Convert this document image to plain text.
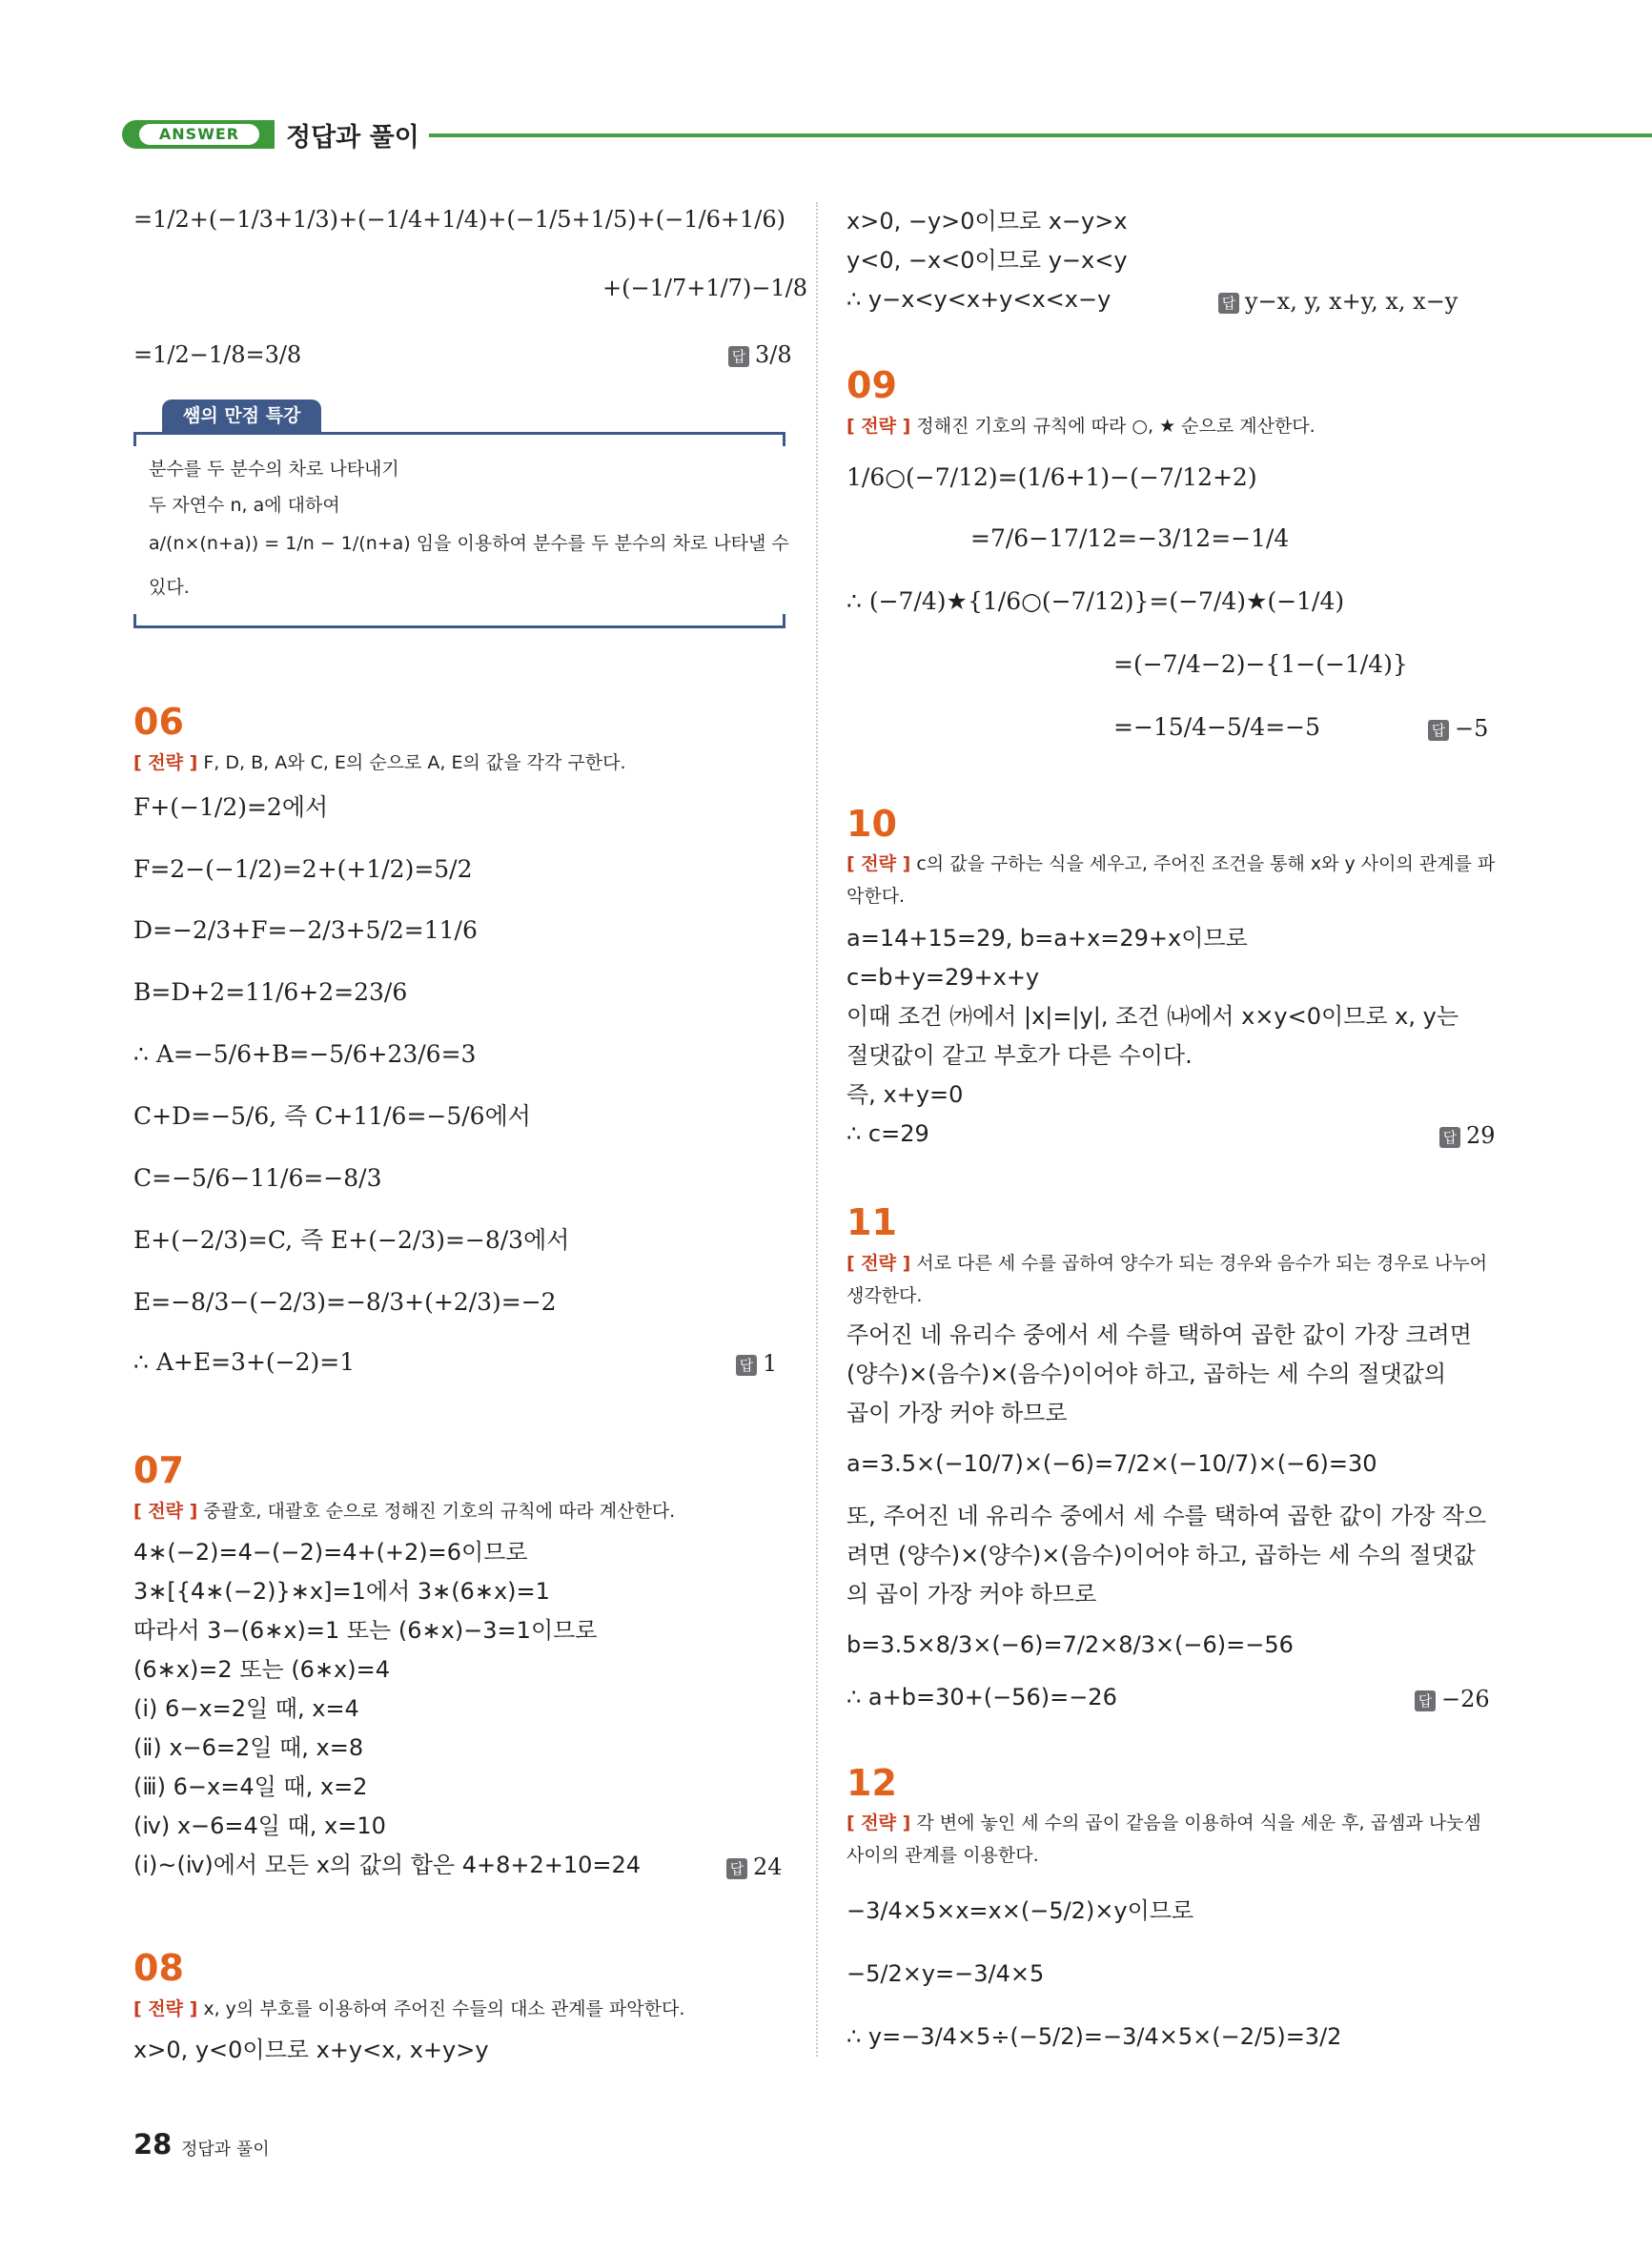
ANSWER	정답과 풀이
=1/2+(−1/3+1/3)+(−1/4+1/4)+(−1/5+1/5)+(−1/6+1/6)
+(−1/7+1/7)−1/8
=1/2−1/8=3/8	답 3/8
쌤의 만점 특강
분수를 두 분수의 차로 나타내기
두 자연수 n, a에 대하여
a/(n×(n+a)) = 1/n − 1/(n+a) 임을 이용하여 분수를 두 분수의 차로 나타낼 수
있다.
06
[ 전략 ] F, D, B, A와 C, E의 순으로 A, E의 값을 각각 구한다.
F+(−1/2)=2에서
F=2−(−1/2)=2+(+1/2)=5/2
D=−2/3+F=−2/3+5/2=11/6
B=D+2=11/6+2=23/6
∴ A=−5/6+B=−5/6+23/6=3
C+D=−5/6, 즉 C+11/6=−5/6에서
C=−5/6−11/6=−8/3
E+(−2/3)=C, 즉 E+(−2/3)=−8/3에서
E=−8/3−(−2/3)=−8/3+(+2/3)=−2
∴ A+E=3+(−2)=1	답 1
07
[ 전략 ] 중괄호, 대괄호 순으로 정해진 기호의 규칙에 따라 계산한다.
4∗(−2)=4−(−2)=4+(+2)=6이므로
3∗[{4∗(−2)}∗x]=1에서 3∗(6∗x)=1
따라서 3−(6∗x)=1 또는 (6∗x)−3=1이므로
(6∗x)=2 또는 (6∗x)=4
(ⅰ) 6−x=2일 때, x=4
(ⅱ) x−6=2일 때, x=8
(ⅲ) 6−x=4일 때, x=2
(ⅳ) x−6=4일 때, x=10
(ⅰ)~(ⅳ)에서 모든 x의 값의 합은 4+8+2+10=24	답 24
08
[ 전략 ] x, y의 부호를 이용하여 주어진 수들의 대소 관계를 파악한다.
x>0, y<0이므로 x+y<x, x+y>y
x>0, −y>0이므로 x−y>x
y<0, −x<0이므로 y−x<y
∴ y−x<y<x+y<x<x−y	답 y−x, y, x+y, x, x−y
09
[ 전략 ] 정해진 기호의 규칙에 따라 ○, ★ 순으로 계산한다.
1/6○(−7/12)=(1/6+1)−(−7/12+2)
=7/6−17/12=−3/12=−1/4
∴ (−7/4)★{1/6○(−7/12)}=(−7/4)★(−1/4)
=(−7/4−2)−{1−(−1/4)}
=−15/4−5/4=−5	답 −5
10
[ 전략 ] c의 값을 구하는 식을 세우고, 주어진 조건을 통해 x와 y 사이의 관계를 파악한다.
a=14+15=29, b=a+x=29+x이므로
c=b+y=29+x+y
이때 조건 ㈎에서 |x|=|y|, 조건 ㈏에서 x×y<0이므로 x, y는
절댓값이 같고 부호가 다른 수이다.
즉, x+y=0
∴ c=29	답 29
11
[ 전략 ] 서로 다른 세 수를 곱하여 양수가 되는 경우와 음수가 되는 경우로 나누어 생각한다.
주어진 네 유리수 중에서 세 수를 택하여 곱한 값이 가장 크려면
(양수)×(음수)×(음수)이어야 하고, 곱하는 세 수의 절댓값의
곱이 가장 커야 하므로
a=3.5×(−10/7)×(−6)=7/2×(−10/7)×(−6)=30
또, 주어진 네 유리수 중에서 세 수를 택하여 곱한 값이 가장 작으
려면 (양수)×(양수)×(음수)이어야 하고, 곱하는 세 수의 절댓값
의 곱이 가장 커야 하므로
b=3.5×8/3×(−6)=7/2×8/3×(−6)=−56
∴ a+b=30+(−56)=−26	답 −26
12
[ 전략 ] 각 변에 놓인 세 수의 곱이 같음을 이용하여 식을 세운 후, 곱셈과 나눗셈 사이의 관계를 이용한다.
−3/4×5×x=x×(−5/2)×y이므로
−5/2×y=−3/4×5
∴ y=−3/4×5÷(−5/2)=−3/4×5×(−2/5)=3/2
28 정답과 풀이
